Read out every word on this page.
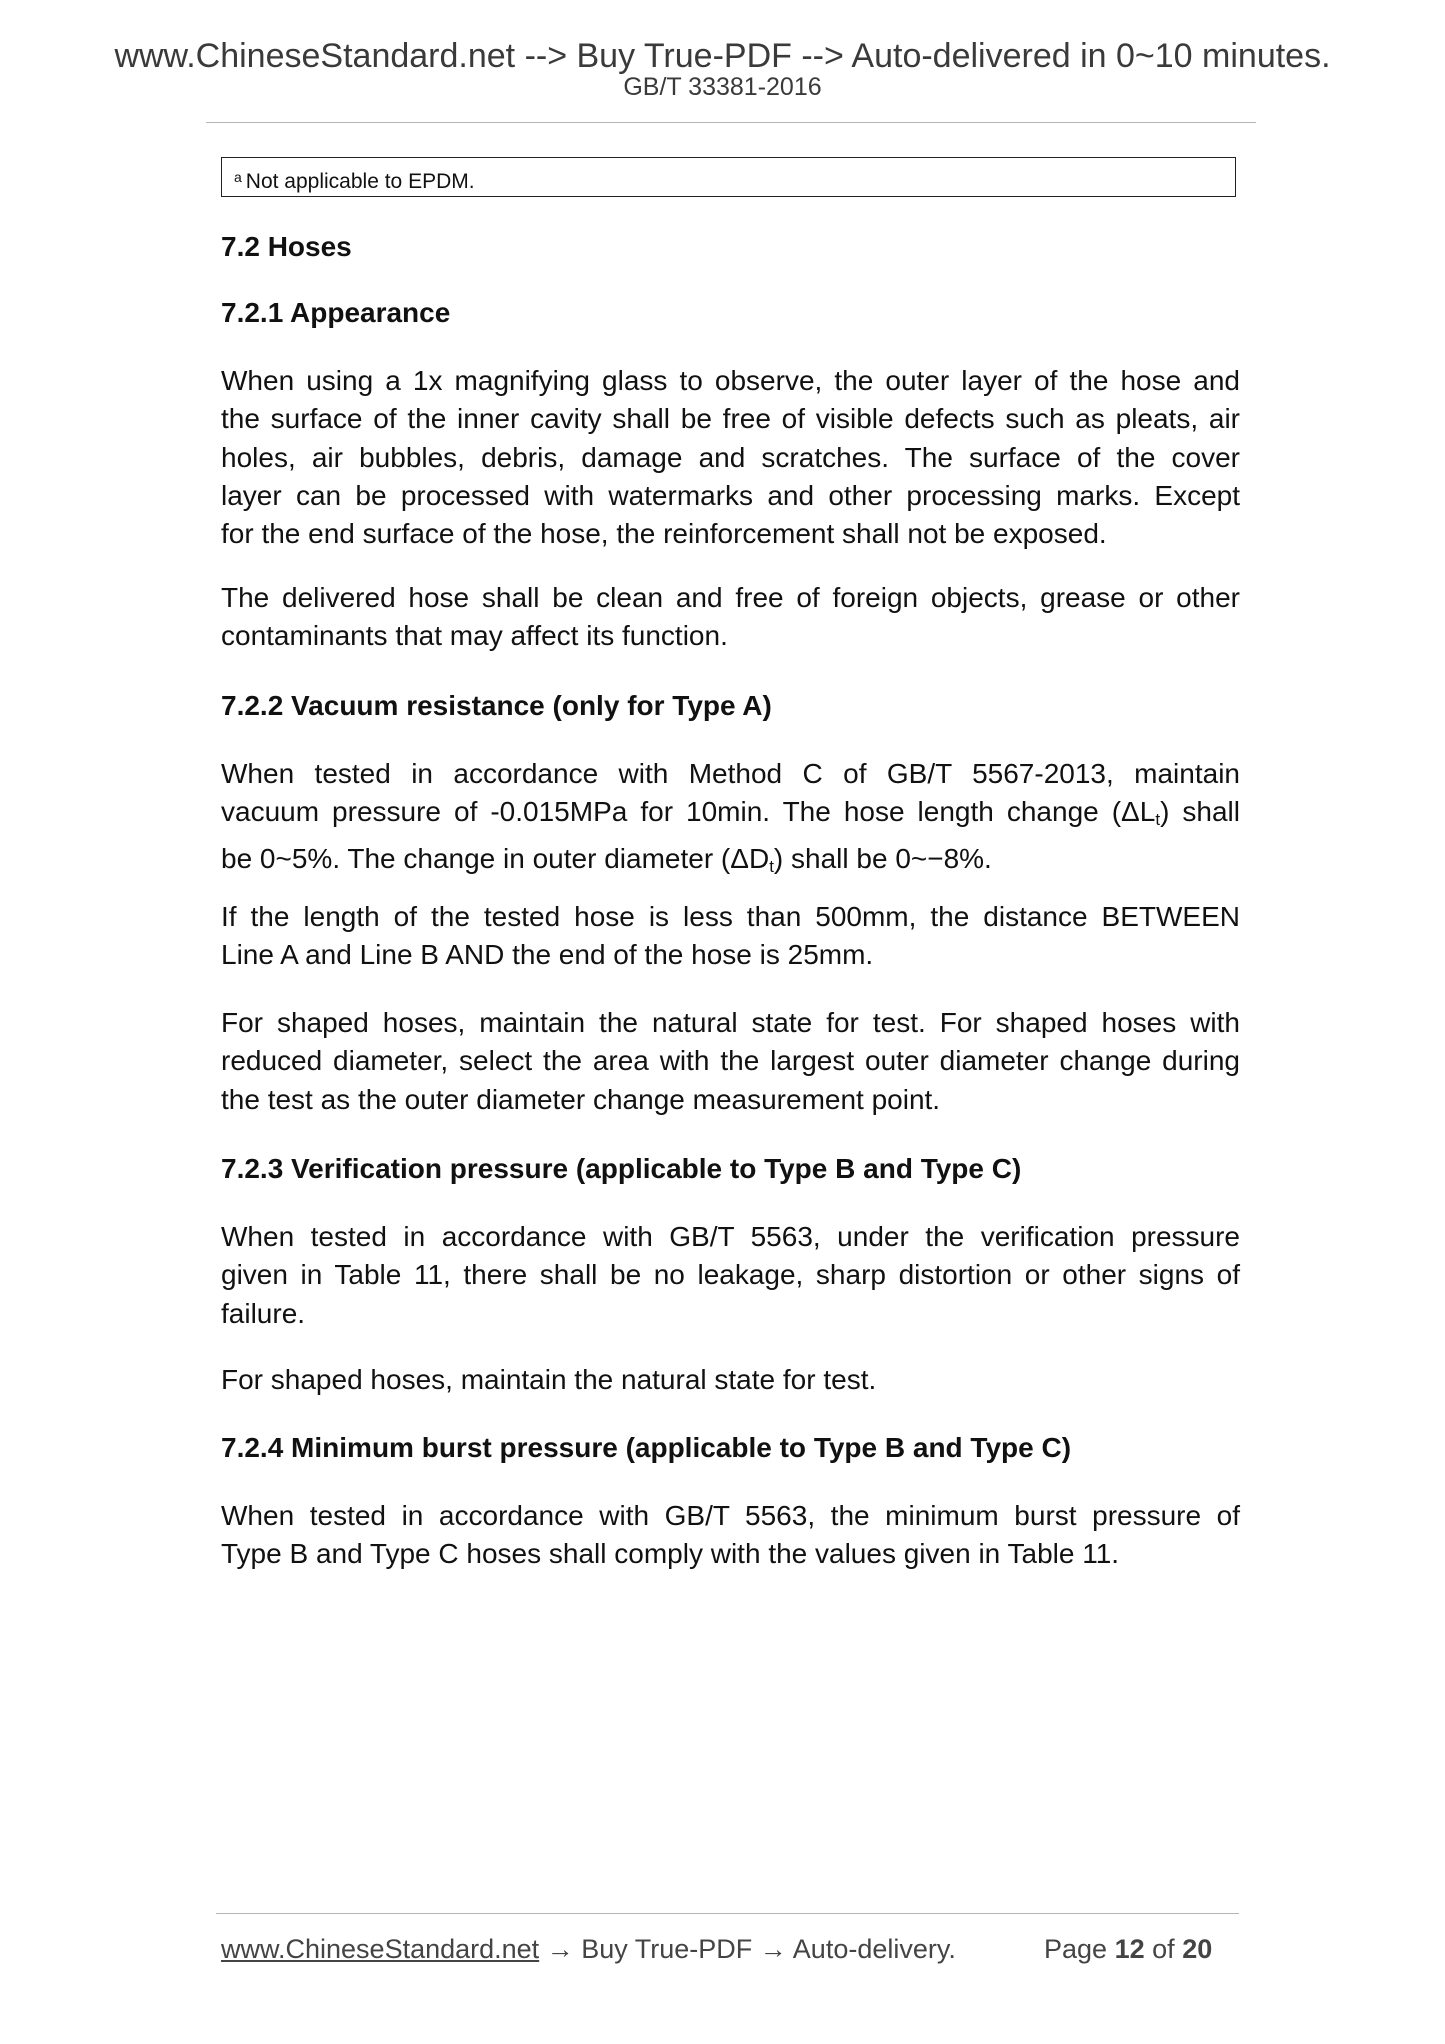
www.ChineseStandard.net --> Buy True-PDF --> Auto-delivered in 0~10 minutes.
GB/T 33381-2016
$^a$ Not applicable to EPDM.
7.2 Hoses
7.2.1 Appearance
When using a 1x magnifying glass to observe, the outer layer of the hose and
the surface of the inner cavity shall be free of visible defects such as pleats, air
holes, air bubbles, debris, damage and scratches. The surface of the cover
layer can be processed with watermarks and other processing marks. Except
for the end surface of the hose, the reinforcement shall not be exposed.
The delivered hose shall be clean and free of foreign objects, grease or other
contaminants that may affect its function.
7.2.2 Vacuum resistance (only for Type A)
When tested in accordance with Method C of GB/T 5567-2013, maintain
vacuum pressure of -0.015MPa for 10min. The hose length change $(\Delta L_t)$ shall
be 0~5%. The change in outer diameter $(\Delta D_t)$ shall be 0~−8%.
If the length of the tested hose is less than 500mm, the distance BETWEEN
Line A and Line B AND the end of the hose is 25mm.
For shaped hoses, maintain the natural state for test. For shaped hoses with
reduced diameter, select the area with the largest outer diameter change during
the test as the outer diameter change measurement point.
7.2.3 Verification pressure (applicable to Type B and Type C)
When tested in accordance with GB/T 5563, under the verification pressure
given in Table 11, there shall be no leakage, sharp distortion or other signs of
failure.
For shaped hoses, maintain the natural state for test.
7.2.4 Minimum burst pressure (applicable to Type B and Type C)
When tested in accordance with GB/T 5563, the minimum burst pressure of
Type B and Type C hoses shall comply with the values given in Table 11.
www.ChineseStandard.net → Buy True-PDF → Auto-delivery.	Page 12 of 20
